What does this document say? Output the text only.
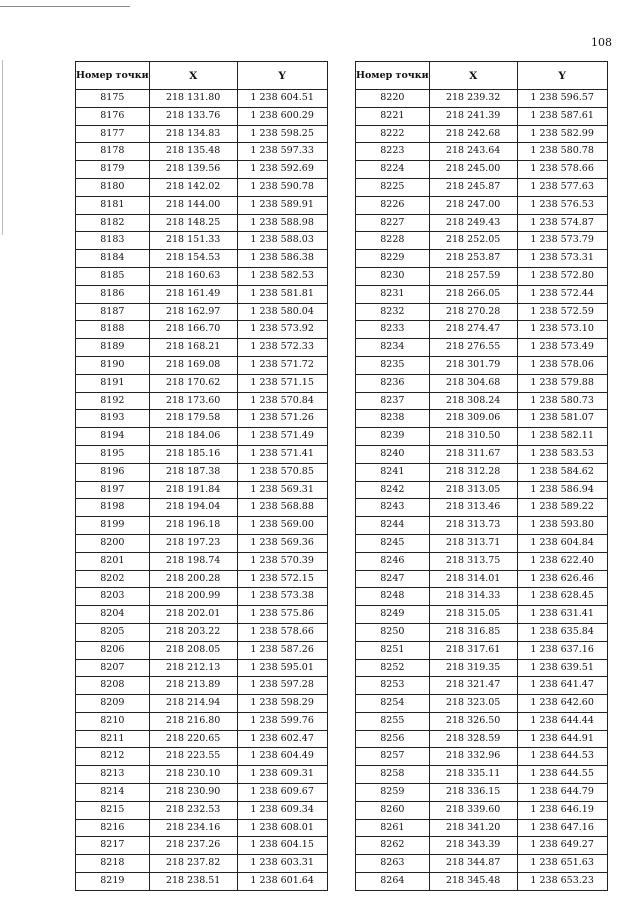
108
Номер точки	X	Y
8175	218 131.80	1 238 604.51
8176	218 133.76	1 238 600.29
8177	218 134.83	1 238 598.25
8178	218 135.48	1 238 597.33
8179	218 139.56	1 238 592.69
8180	218 142.02	1 238 590.78
8181	218 144.00	1 238 589.91
8182	218 148.25	1 238 588.98
8183	218 151.33	1 238 588.03
8184	218 154.53	1 238 586.38
8185	218 160.63	1 238 582.53
8186	218 161.49	1 238 581.81
8187	218 162.97	1 238 580.04
8188	218 166.70	1 238 573.92
8189	218 168.21	1 238 572.33
8190	218 169.08	1 238 571.72
8191	218 170.62	1 238 571.15
8192	218 173.60	1 238 570.84
8193	218 179.58	1 238 571.26
8194	218 184.06	1 238 571.49
8195	218 185.16	1 238 571.41
8196	218 187.38	1 238 570.85
8197	218 191.84	1 238 569.31
8198	218 194.04	1 238 568.88
8199	218 196.18	1 238 569.00
8200	218 197.23	1 238 569.36
8201	218 198.74	1 238 570.39
8202	218 200.28	1 238 572.15
8203	218 200.99	1 238 573.38
8204	218 202.01	1 238 575.86
8205	218 203.22	1 238 578.66
8206	218 208.05	1 238 587.26
8207	218 212.13	1 238 595.01
8208	218 213.89	1 238 597.28
8209	218 214.94	1 238 598.29
8210	218 216.80	1 238 599.76
8211	218 220.65	1 238 602.47
8212	218 223.55	1 238 604.49
8213	218 230.10	1 238 609.31
8214	218 230.90	1 238 609.67
8215	218 232.53	1 238 609.34
8216	218 234.16	1 238 608.01
8217	218 237.26	1 238 604.15
8218	218 237.82	1 238 603.31
8219	218 238.51	1 238 601.64
Номер точки	X	Y
8220	218 239.32	1 238 596.57
8221	218 241.39	1 238 587.61
8222	218 242.68	1 238 582.99
8223	218 243.64	1 238 580.78
8224	218 245.00	1 238 578.66
8225	218 245.87	1 238 577.63
8226	218 247.00	1 238 576.53
8227	218 249.43	1 238 574.87
8228	218 252.05	1 238 573.79
8229	218 253.87	1 238 573.31
8230	218 257.59	1 238 572.80
8231	218 266.05	1 238 572.44
8232	218 270.28	1 238 572.59
8233	218 274.47	1 238 573.10
8234	218 276.55	1 238 573.49
8235	218 301.79	1 238 578.06
8236	218 304.68	1 238 579.88
8237	218 308.24	1 238 580.73
8238	218 309.06	1 238 581.07
8239	218 310.50	1 238 582.11
8240	218 311.67	1 238 583.53
8241	218 312.28	1 238 584.62
8242	218 313.05	1 238 586.94
8243	218 313.46	1 238 589.22
8244	218 313.73	1 238 593.80
8245	218 313.71	1 238 604.84
8246	218 313.75	1 238 622.40
8247	218 314.01	1 238 626.46
8248	218 314.33	1 238 628.45
8249	218 315.05	1 238 631.41
8250	218 316.85	1 238 635.84
8251	218 317.61	1 238 637.16
8252	218 319.35	1 238 639.51
8253	218 321.47	1 238 641.47
8254	218 323.05	1 238 642.60
8255	218 326.50	1 238 644.44
8256	218 328.59	1 238 644.91
8257	218 332.96	1 238 644.53
8258	218 335.11	1 238 644.55
8259	218 336.15	1 238 644.79
8260	218 339.60	1 238 646.19
8261	218 341.20	1 238 647.16
8262	218 343.39	1 238 649.27
8263	218 344.87	1 238 651.63
8264	218 345.48	1 238 653.23
